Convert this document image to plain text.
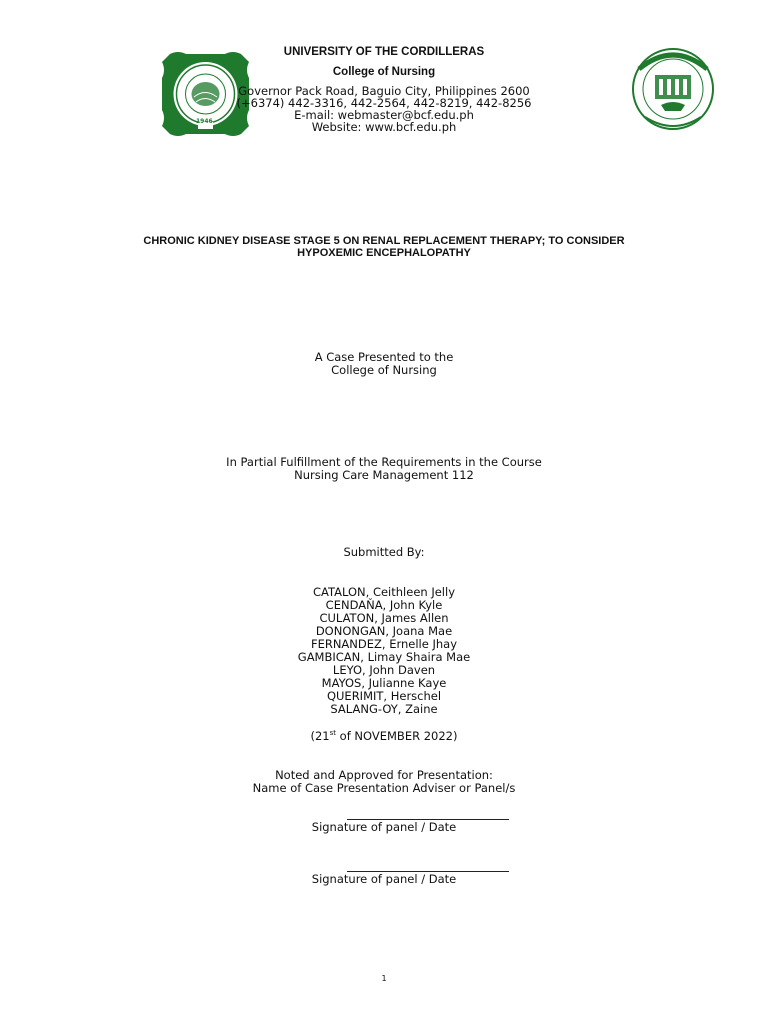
1946
UNIVERSITY OF THE CORDILLERAS
College of Nursing
Governor Pack Road, Baguio City, Philippines 2600
(+6374) 442-3316, 442-2564, 442-8219, 442-8256
E-mail: webmaster@bcf.edu.ph
Website: www.bcf.edu.ph
CHRONIC KIDNEY DISEASE STAGE 5 ON RENAL REPLACEMENT THERAPY; TO CONSIDER
HYPOXEMIC ENCEPHALOPATHY
A Case Presented to the
College of Nursing
In Partial Fulfillment of the Requirements in the Course
Nursing Care Management 112
Submitted By:
CATALON, Ceithleen Jelly
CENDAŇA, John Kyle
CULATON, James Allen
DONONGAN, Joana Mae
FERNANDEZ, Ernelle Jhay
GAMBICAN, Limay Shaira Mae
LEYO, John Daven
MAYOS, Julianne Kaye
QUERIMIT, Herschel
SALANG-OY, Zaine
(21st of NOVEMBER 2022)
Noted and Approved for Presentation:
Name of Case Presentation Adviser or Panel/s
Signature of panel / Date
Signature of panel / Date
1
